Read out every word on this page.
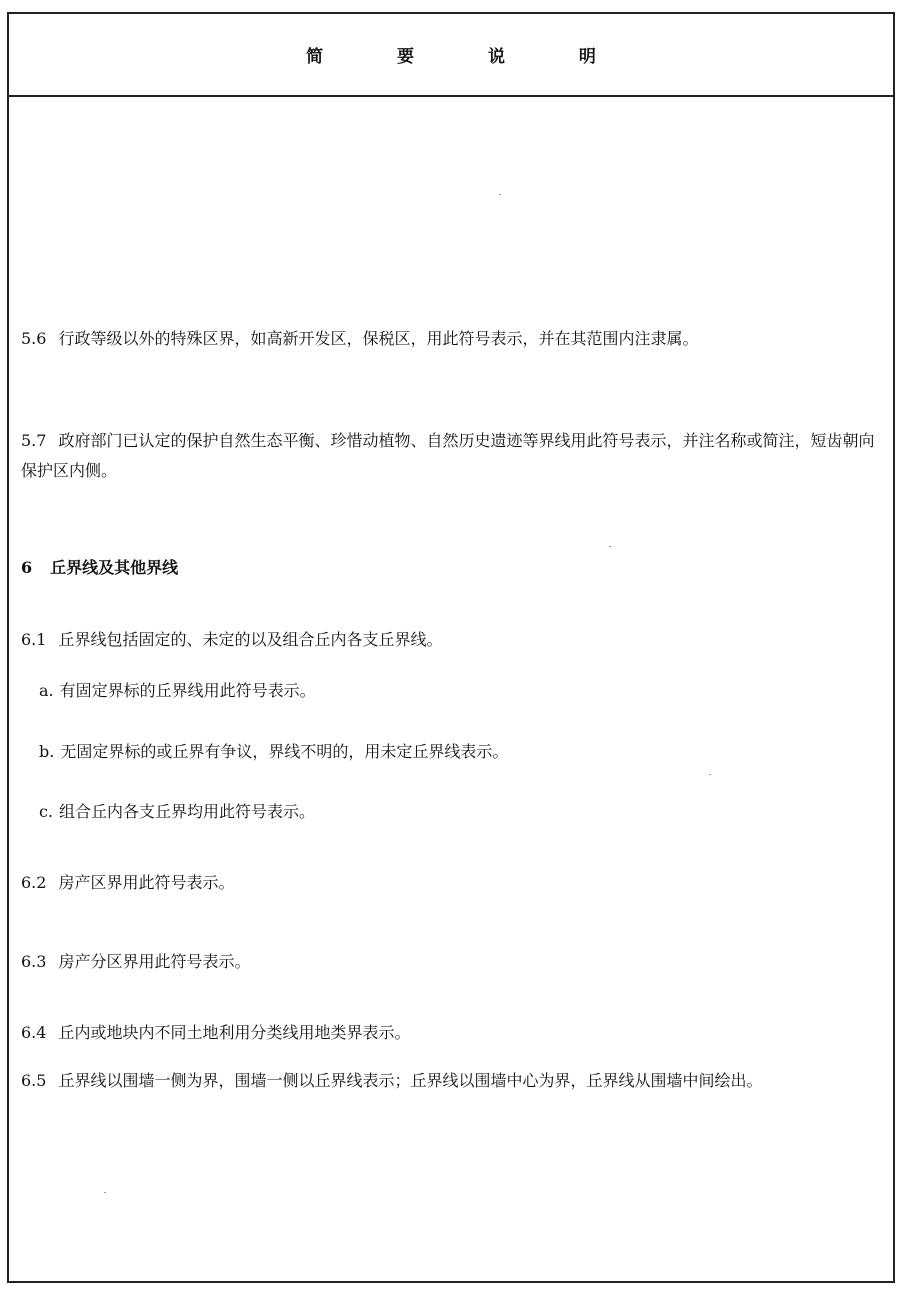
简 要 说 明
5.6 行政等级以外的特殊区界，如高新开发区，保税区，用此符号表示，并在其范围内注隶属。
5.7 政府部门已认定的保护自然生态平衡、珍惜动植物、自然历史遗迹等界线用此符号表示，并注名称或简注，短齿朝向保护区内侧。
6 丘界线及其他界线
6.1 丘界线包括固定的、未定的以及组合丘内各支丘界线。
a. 有固定界标的丘界线用此符号表示。
b. 无固定界标的或丘界有争议，界线不明的，用未定丘界线表示。
c. 组合丘内各支丘界均用此符号表示。
6.2 房产区界用此符号表示。
6.3 房产分区界用此符号表示。
6.4 丘内或地块内不同土地利用分类线用地类界表示。
6.5 丘界线以围墙一侧为界，围墙一侧以丘界线表示；丘界线以围墙中心为界，丘界线从围墙中间绘出。
